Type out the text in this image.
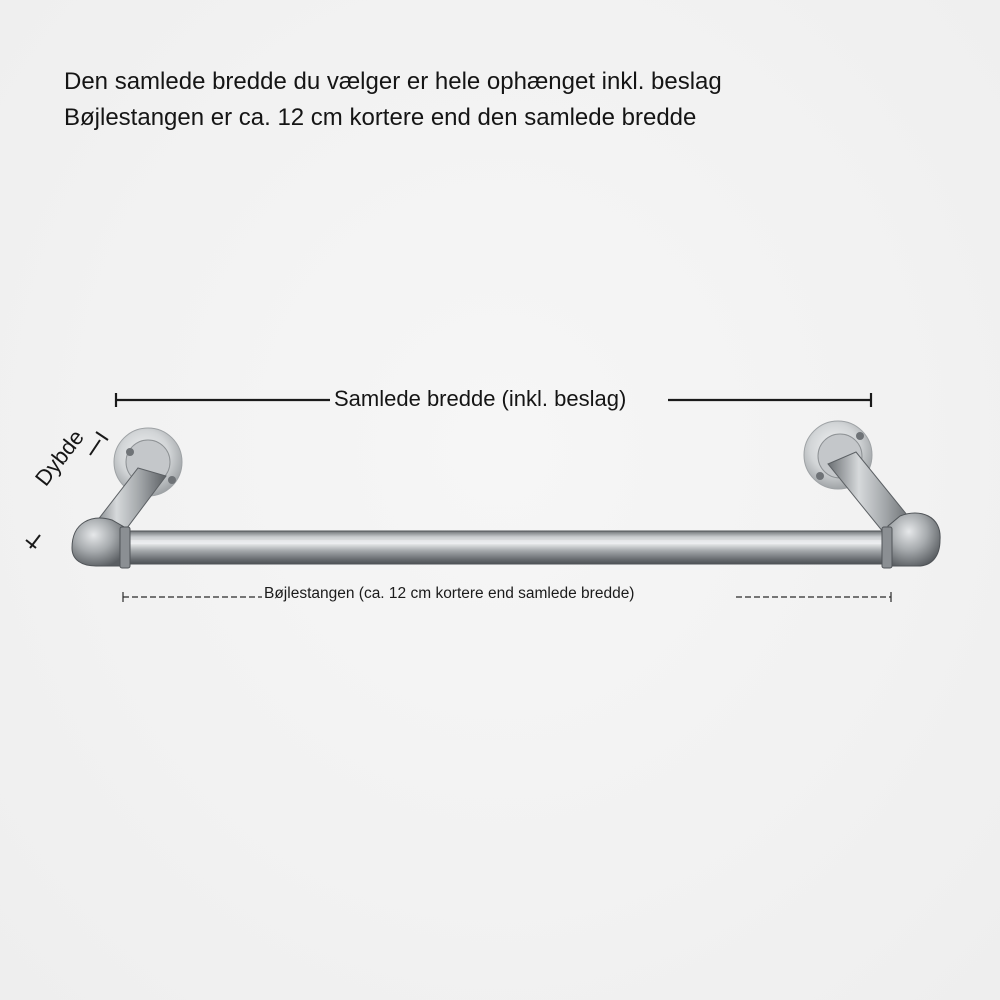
Den samlede bredde du vælger er hele ophænget inkl. beslag
Bøjlestangen er ca. 12 cm kortere end den samlede bredde
Samlede bredde (inkl. beslag)
Bøjlestangen (ca. 12 cm kortere end samlede bredde)
Dybde
